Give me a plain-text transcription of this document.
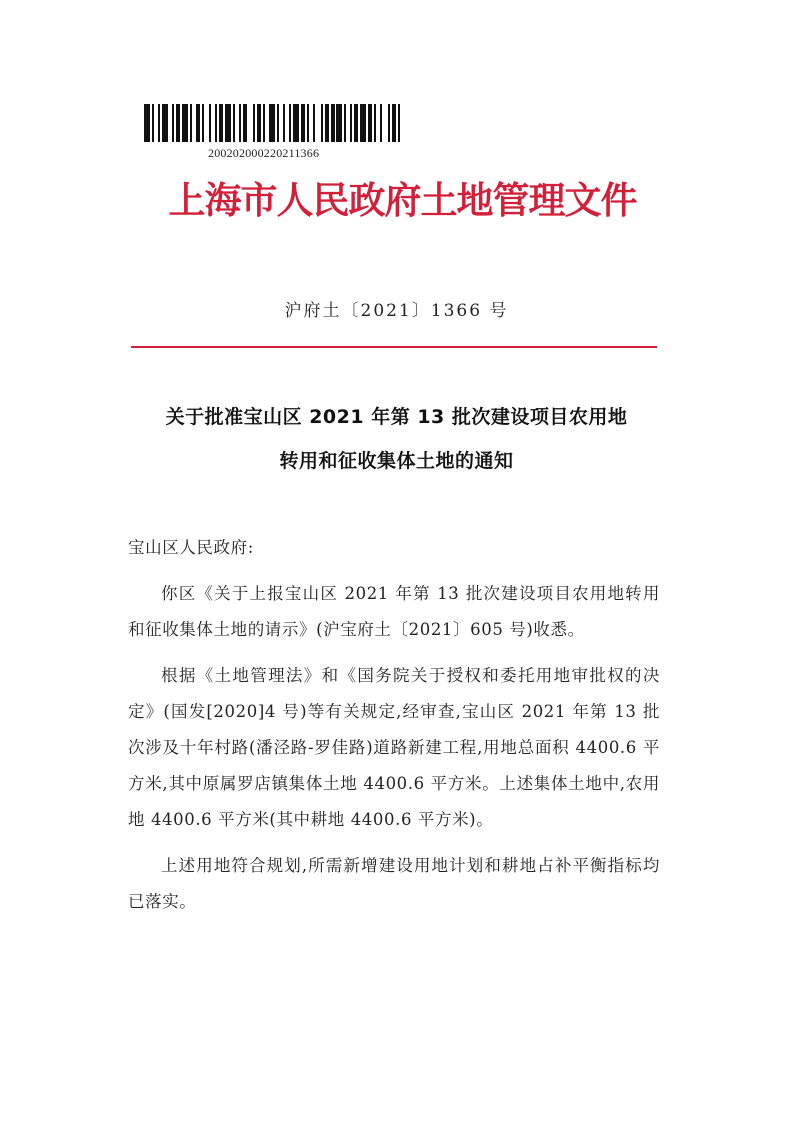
200202000220211366
上海市人民政府土地管理文件
沪府土〔2021〕1366 号
关于批准宝山区 2021 年第 13 批次建设项目农用地
转用和征收集体土地的通知

宝山区人民政府:

你区《关于上报宝山区 2021 年第 13 批次建设项目农用地转用和征收集体土地的请示》(沪宝府土〔2021〕605 号)收悉。

根据《土地管理法》和《国务院关于授权和委托用地审批权的决定》(国发[2020]4 号)等有关规定,经审查,宝山区 2021 年第 13 批次涉及十年村路(潘泾路-罗佳路)道路新建工程,用地总面积 4400.6 平方米,其中原属罗店镇集体土地 4400.6 平方米。上述集体土地中,农用地 4400.6 平方米(其中耕地 4400.6 平方米)。

上述用地符合规划,所需新增建设用地计划和耕地占补平衡指标均已落实。
